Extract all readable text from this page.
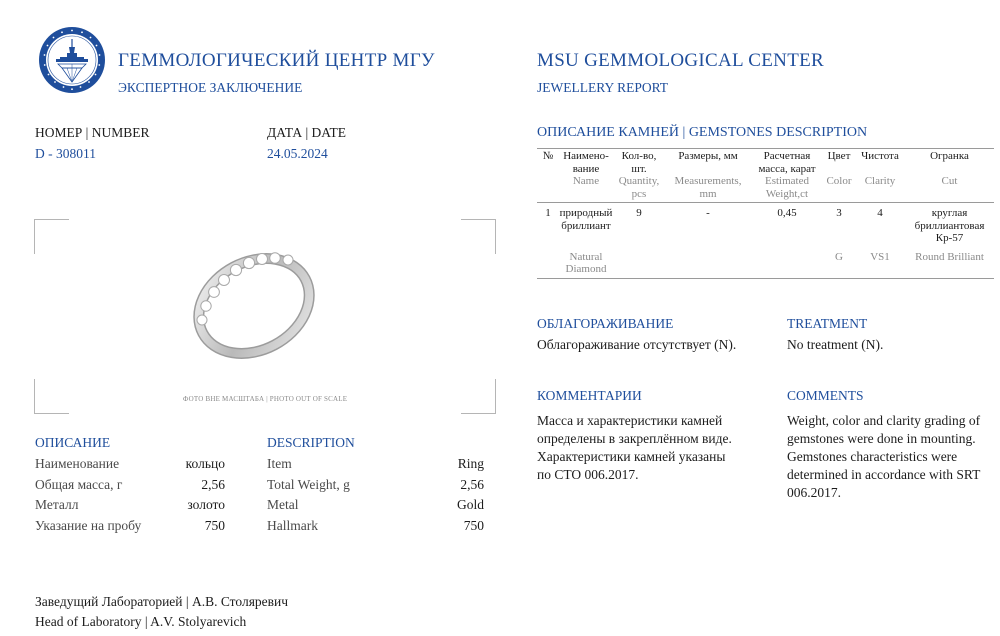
ГЕММОЛОГИЧЕСКИЙ ЦЕНТР МГУ
ЭКСПЕРТНОЕ ЗАКЛЮЧЕНИЕ
MSU GEMMOLOGICAL CENTER
JEWELLERY REPORT
НОМЕР | NUMBER
D - 308011
ДАТА | DATE
24.05.2024
ФОТО ВНЕ МАСШТАБА | PHOTO OUT OF SCALE
ОПИСАНИЕ
Наименование	кольцо
Общая масса, г	2,56
Металл	золото
Указание на пробу	750
DESCRIPTION
Item	Ring
Total Weight, g	2,56
Metal	Gold
Hallmark	750
ОПИСАНИЕ КАМНЕЙ | GEMSTONES DESCRIPTION
№	Наимено-вание	Кол-во, шт.	Размеры, мм	Расчетная масса, карат	Цвет	Чистота	Огранка
	Name	Quantity, pcs	Measurements, mm	Estimated Weight,ct	Color	Clarity	Cut
1	природный бриллиант	9	-	0,45	3	4	круглая бриллиантовая Кр-57
	Natural Diamond				G	VS1	Round Brilliant
ОБЛАГОРАЖИВАНИЕ
Облагораживание отсутствует (N).
TREATMENT
No treatment (N).
КОММЕНТАРИИ
Масса и характеристики камней определены в закреплённом виде. Характеристики камней указаны по СТО 006.2017.
COMMENTS
Weight, color and clarity grading of gemstones were done in mounting. Gemstones characteristics were determined in accordance with SRT 006.2017.
Заведущий Лабораторией | А.В. Столяревич
Head of Laboratory | A.V. Stolyarevich
